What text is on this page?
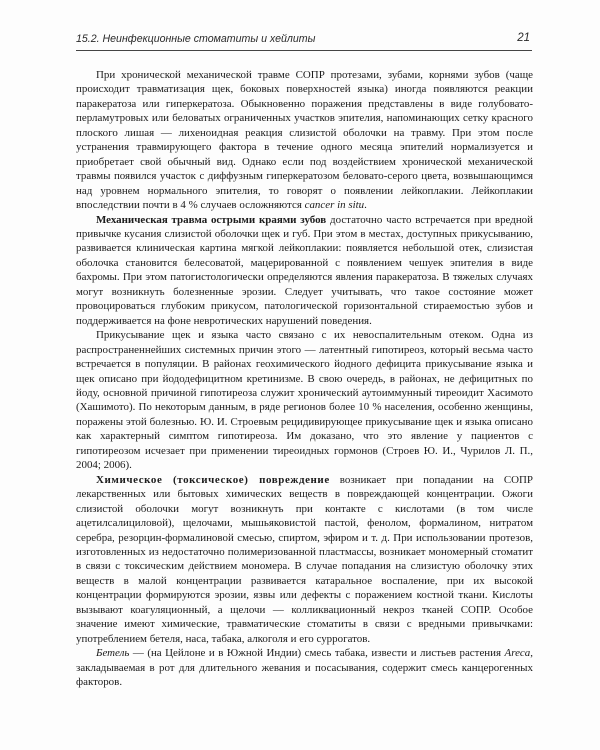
15.2. Неинфекционные стоматиты и хейлиты	21

При хронической механической травме СОПР протезами, зубами, корнями зубов (чаще происходит травматизация щек, боковых поверхностей языка) иногда появляются реакции паракератоза или гиперкератоза. Обыкновенно поражения представлены в виде голубовато-перламутровых или беловатых ограниченных участков эпителия, напоминающих сетку красного плоского лишая — лихеноидная реакция слизистой оболочки на травму. При этом после устранения травмирующего фактора в течение одного месяца эпителий нормализуется и приобретает свой обычный вид. Однако если под воздействием хронической механической травмы появился участок с диффузным гиперкератозом беловато-серого цвета, возвышающимся над уровнем нормального эпителия, то говорят о появлении лейкоплакии. Лейкоплакии впоследствии почти в 4 % случаев осложняются cancer in situ.

Механическая травма острыми краями зубов достаточно часто встречается при вредной привычке кусания слизистой оболочки щек и губ. При этом в местах, доступных прикусыванию, развивается клиническая картина мягкой лейкоплакии: появляется небольшой отек, слизистая оболочка становится белесоватой, мацерированной с появлением чешуек эпителия в виде бахромы. При этом патогистологически определяются явления паракератоза. В тяжелых случаях могут возникнуть болезненные эрозии. Следует учитывать, что такое состояние может провоцироваться глубоким прикусом, патологической горизонтальной стираемостью зубов и поддерживается на фоне невротических нарушений поведения.

Прикусывание щек и языка часто связано с их невоспалительным отеком. Одна из распространеннейших системных причин этого — латентный гипотиреоз, который весьма часто встречается в популяции. В районах геохимического йодного дефицита прикусывание языка и щек описано при йододефицитном кретинизме. В свою очередь, в районах, не дефицитных по йоду, основной причиной гипотиреоза служит хронический аутоиммунный тиреоидит Хасимото (Хашимото). По некоторым данным, в ряде регионов более 10 % населения, особенно женщины, поражены этой болезнью. Ю. И. Строевым рецидивирующее прикусывание щек и языка описано как характерный симптом гипотиреоза. Им доказано, что это явление у пациентов с гипотиреозом исчезает при применении тиреоидных гормонов (Строев Ю. И., Чурилов Л. П., 2004; 2006).

Химическое (токсическое) повреждение возникает при попадании на СОПР лекарственных или бытовых химических веществ в повреждающей концентрации. Ожоги слизистой оболочки могут возникнуть при контакте с кислотами (в том числе ацетилсалициловой), щелочами, мышьяковистой пастой, фенолом, формалином, нитратом серебра, резорцин-формалиновой смесью, спиртом, эфиром и т. д. При использовании протезов, изготовленных из недостаточно полимеризованной пластмассы, возникает мономерный стоматит в связи с токсическим действием мономера. В случае попадания на слизистую оболочку этих веществ в малой концентрации развивается катаральное воспаление, при их высокой концентрации формируются эрозии, язвы или дефекты с поражением костной ткани. Кислоты вызывают коагуляционный, а щелочи — колликвационный некроз тканей СОПР. Особое значение имеют химические, травматические стоматиты в связи с вредными привычками: употреблением бетеля, наса, табака, алкоголя и его суррогатов.

Бетель — (на Цейлоне и в Южной Индии) смесь табака, извести и листьев растения Areca, закладываемая в рот для длительного жевания и посасывания, содержит смесь канцерогенных факторов.
